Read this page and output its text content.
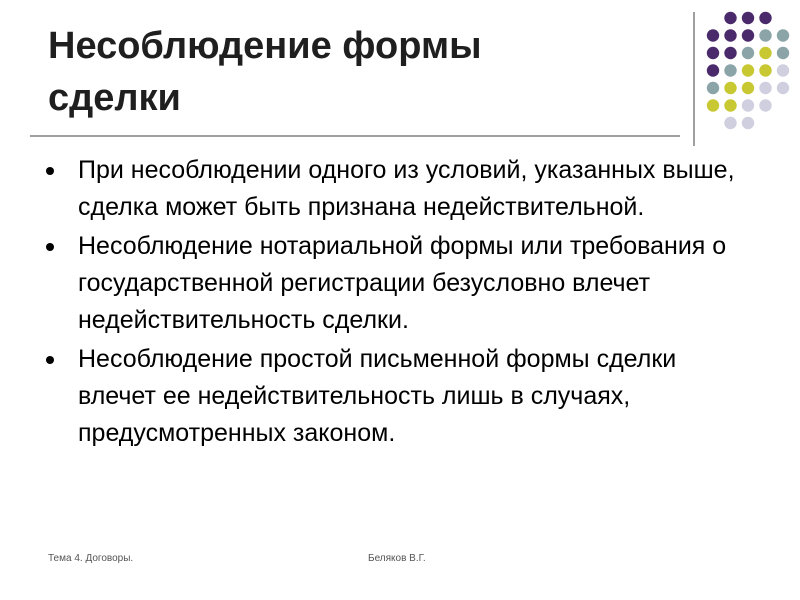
Несоблюдение формы
сделки
При несоблюдении одного из условий, указанных выше, сделка может быть признана недействительной.
Несоблюдение нотариальной формы или требования о государственной регистрации безусловно влечет недействительность сделки.
Несоблюдение простой письменной формы сделки влечет ее недействительность лишь в случаях, предусмотренных законом.
Тема 4. Договоры.	Беляков В.Г.
